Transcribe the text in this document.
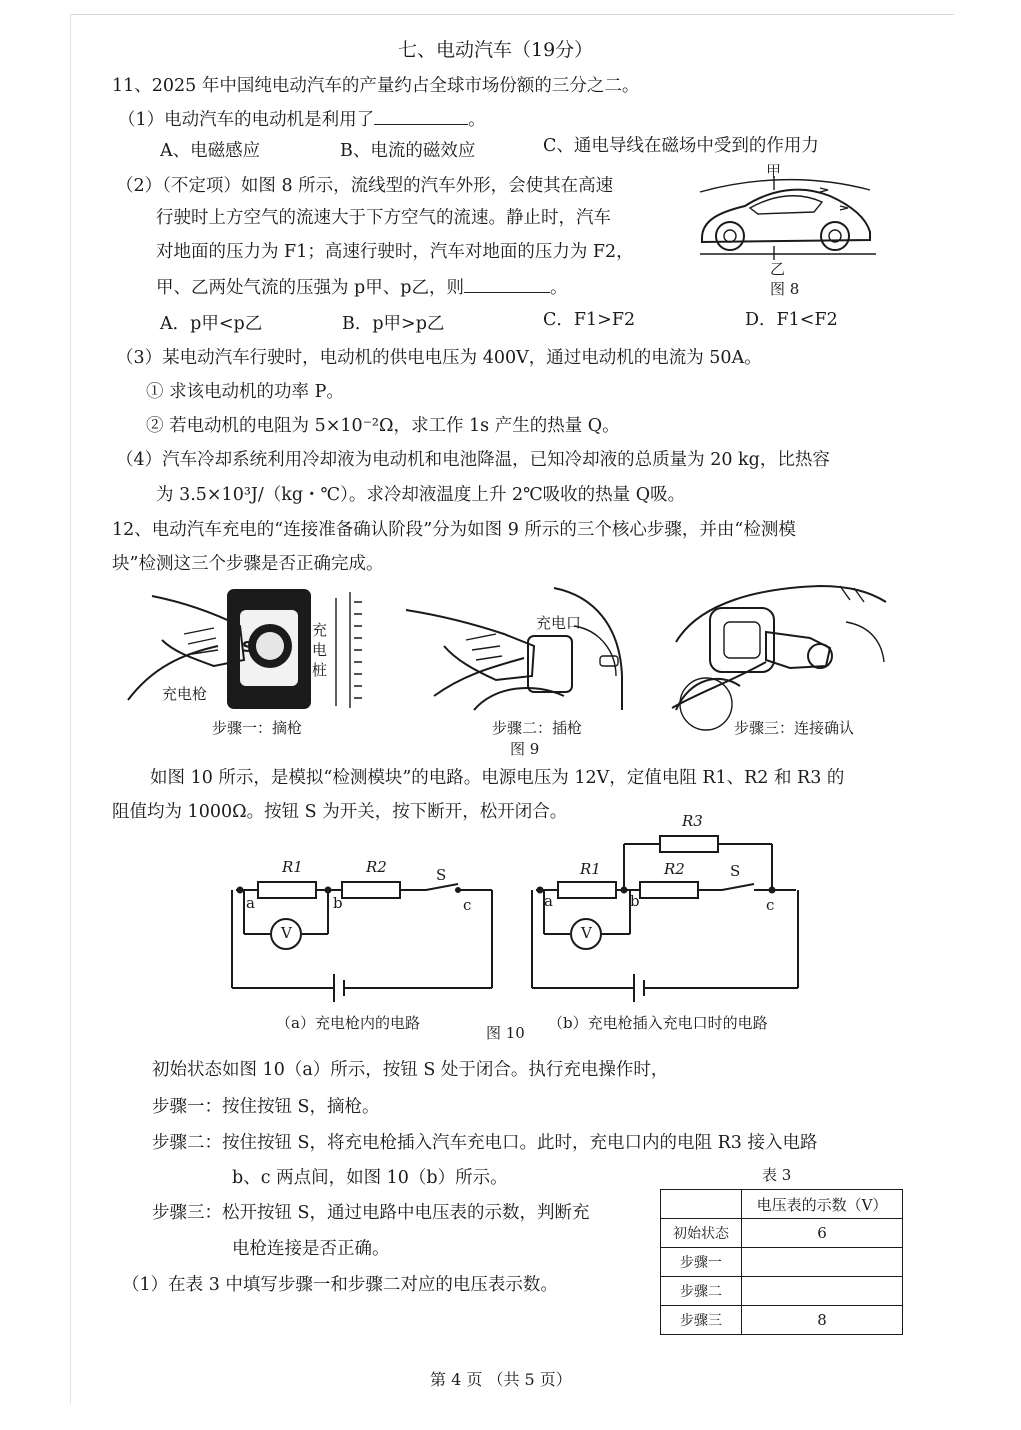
七、电动汽车（19分）
11、2025 年中国纯电动汽车的产量约占全球市场份额的三分之二。
（1）电动汽车的电动机是利用了	。
A、电磁感应	B、电流的磁效应	C、通电导线在磁场中受到的作用力
（2）（不定项）如图 8 所示，流线型的汽车外形，会使其在高速
行驶时上方空气的流速大于下方空气的流速。静止时，汽车
对地面的压力为 F1；高速行驶时，汽车对地面的压力为 F2，
甲、乙两处气流的压强为 p甲、p乙，则	。
A．p甲<p乙	B．p甲>p乙	C．F1>F2	D．F1<F2
甲
乙
图 8
（3）某电动汽车行驶时，电动机的供电电压为 400V，通过电动机的电流为 50A。
① 求该电动机的功率 P。
② 若电动机的电阻为 5×10⁻²Ω，求工作 1s 产生的热量 Q。
（4）汽车冷却系统利用冷却液为电动机和电池降温，已知冷却液的总质量为 20 kg，比热容
为 3.5×10³J/（kg・℃）。求冷却液温度上升 2℃吸收的热量 Q吸。
12、电动汽车充电的“连接准备确认阶段”分为如图 9 所示的三个核心步骤，并由“检测模
块”检测这三个步骤是否正确完成。
S
充电枪
充
电
桩
充电口
步骤一：摘枪	步骤二：插枪	步骤三：连接确认
图 9
如图 10 所示，是模拟“检测模块”的电路。电源电压为 12V，定值电阻 R1、R2 和 R3 的
阻值均为 1000Ω。按钮 S 为开关，按下断开，松开闭合。
R1	R2	S
a	b	c
V
R3
R1	R2	S
a	b	c
V
（a）充电枪内的电路
图 10
（b）充电枪插入充电口时的电路
初始状态如图 10（a）所示，按钮 S 处于闭合。执行充电操作时，
步骤一：按住按钮 S，摘枪。
步骤二：按住按钮 S，将充电枪插入汽车充电口。此时，充电口内的电阻 R3 接入电路
b、c 两点间，如图 10（b）所示。
步骤三：松开按钮 S，通过电路中电压表的示数，判断充
电枪连接是否正确。
（1）在表 3 中填写步骤一和步骤二对应的电压表示数。
表 3
	电压表的示数（V）
初始状态	6
步骤一	
步骤二	
步骤三	8
第 4 页 （共 5 页）
